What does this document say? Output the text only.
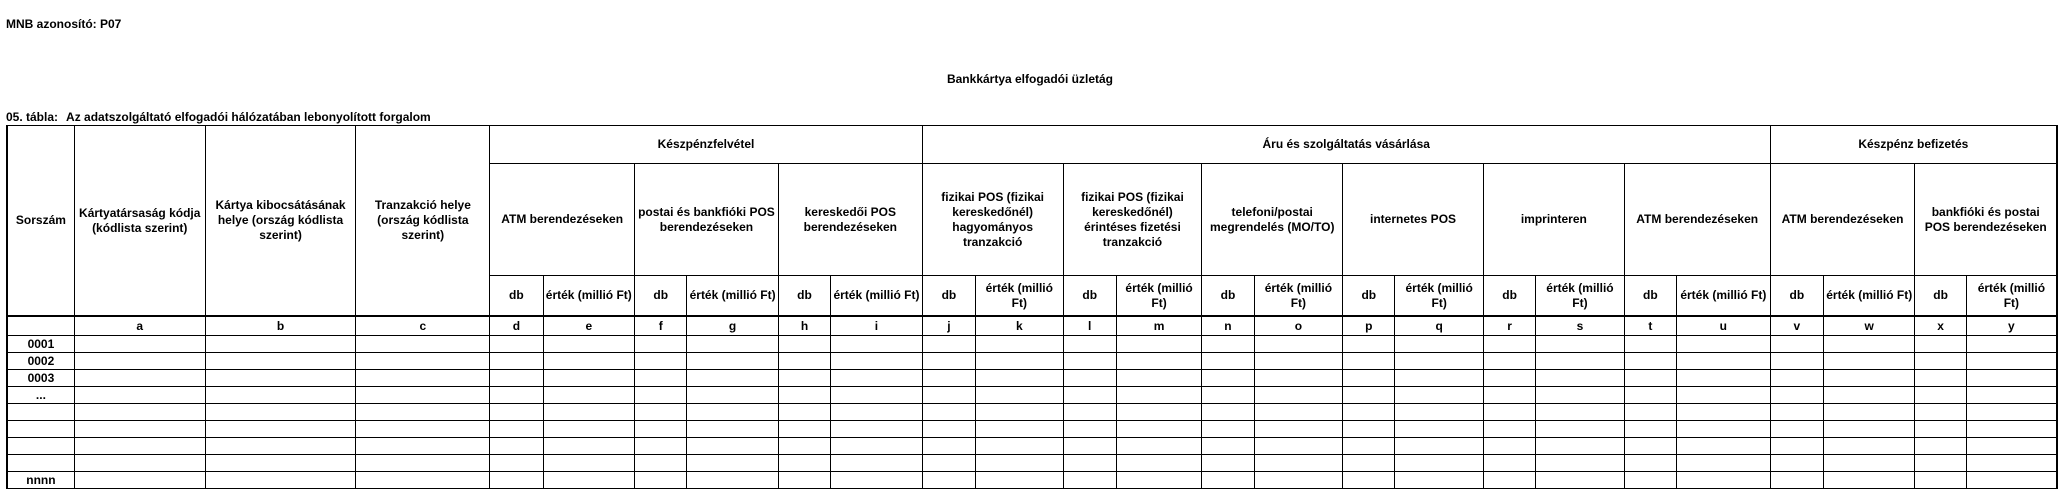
MNB azonosító: P07
Bankkártya elfogadói üzletág
05. tábla: Az adatszolgáltató elfogadói hálózatában lebonyolított forgalom
Sorszám	Kártyatársaság kódja (kódlista szerint)	Kártya kibocsátásának helye (ország kódlista szerint)	Tranzakció helye (ország kódlista szerint)	Készpénzfelvétel						Áru és szolgáltatás vásárlása												Készpénz befizetés			
				ATM berendezéseken		postai és bankfióki POS berendezéseken		kereskedői POS berendezéseken		fizikai POS (fizikai kereskedőnél) hagyományos tranzakció		fizikai POS (fizikai kereskedőnél) érintéses fizetési tranzakció		telefoni/postai megrendelés (MO/TO)		internetes POS		imprinteren		ATM berendezéseken		ATM berendezéseken		bankfióki és postai POS berendezéseken	
				db	érték (millió Ft)	db	érték (millió Ft)	db	érték (millió Ft)	db	érték (millió Ft)	db	érték (millió Ft)	db	érték (millió Ft)	db	érték (millió Ft)	db	érték (millió Ft)	db	érték (millió Ft)	db	érték (millió Ft)	db	érték (millió Ft)
	a	b	c	d	e	f	g	h	i	j	k	l	m	n	o	p	q	r	s	t	u	v	w	x	y
0001																									
0002																									
0003																									
...																									

nnnn																									
